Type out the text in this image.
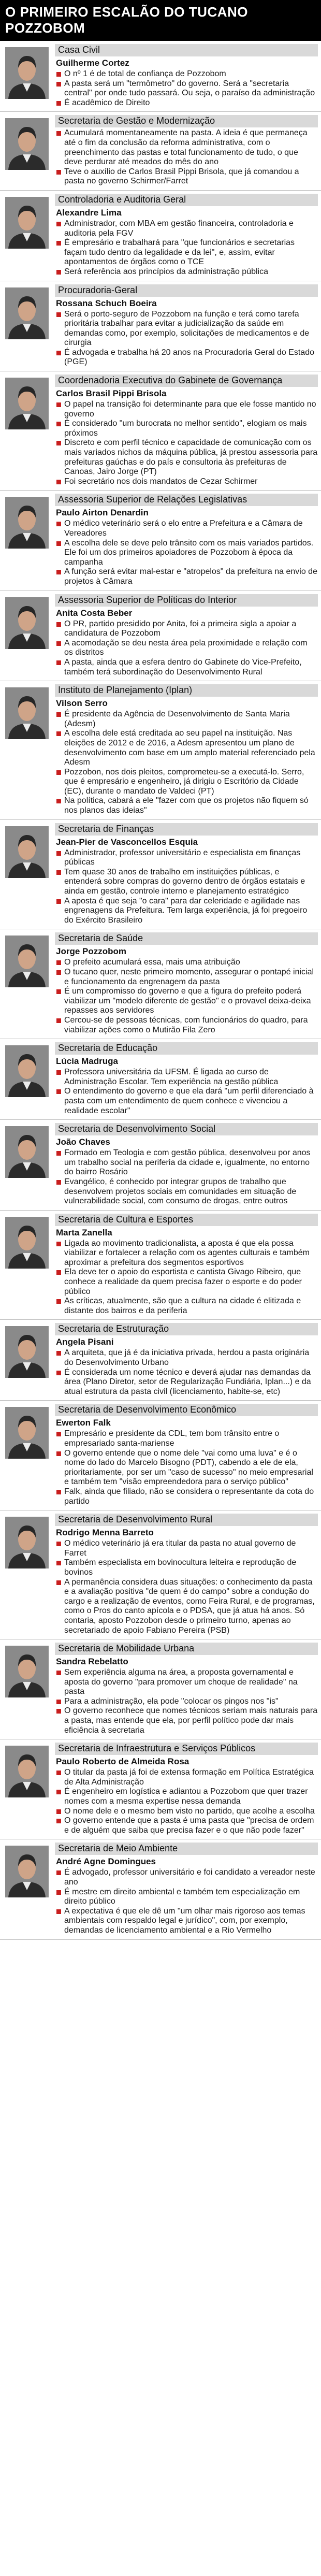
O PRIMEIRO ESCALÃO DO TUCANO POZZOBOM
Casa Civil
Guilherme Cortez
O nº 1 é de total de confiança de Pozzobom
A pasta será um "termômetro" do governo. Será a "secretaria central" por onde tudo passará. Ou seja, o paraíso da administração
É acadêmico de Direito
Secretaria de Gestão e Modernização
Acumulará momentaneamente na pasta. A ideia é que permaneça até o fim da conclusão da reforma administrativa, com o preenchimento das pastas e total funcionamento de tudo, o que deve perdurar até meados do mês do ano
Teve o auxílio de Carlos Brasil Pippi Brisola, que já comandou a pasta no governo Schirmer/Farret
Controladoria e Auditoria Geral
Alexandre Lima
Administrador, com MBA em gestão financeira, controladoria e auditoria pela FGV
É empresário e trabalhará para "que funcionários e secretarias façam tudo dentro da legalidade e da lei", e, assim, evitar apontamentos de órgãos como o TCE
Será referência aos princípios da administração pública
Procuradoria-Geral
Rossana Schuch Boeira
Será o porto-seguro de Pozzobom na função e terá como tarefa prioritária trabalhar para evitar a judicialização da saúde em demandas como, por exemplo, solicitações de medicamentos e de cirurgia
É advogada e trabalha há 20 anos na Procuradoria Geral do Estado (PGE)
Coordenadoria Executiva do Gabinete de Governança
Carlos Brasil Pippi Brisola
O papel na transição foi determinante para que ele fosse mantido no governo
É considerado "um burocrata no melhor sentido", elogiam os mais próximos
Discreto e com perfil técnico e capacidade de comunicação com os mais variados nichos da máquina pública, já prestou assessoria para prefeituras gaúchas e do país e consultoria às prefeituras de Canoas, Jairo Jorge (PT)
Foi secretário nos dois mandatos de Cezar Schirmer
Assessoria Superior de Relações Legislativas
Paulo Airton Denardin
O médico veterinário será o elo entre a Prefeitura e a Câmara de Vereadores
A escolha dele se deve pelo trânsito com os mais variados partidos. Ele foi um dos primeiros apoiadores de Pozzobom à época da campanha
A função será evitar mal-estar e "atropelos" da prefeitura na envio de projetos à Câmara
Assessoria Superior de Políticas do Interior
Anita Costa Beber
O PR, partido presidido por Anita, foi a primeira sigla a apoiar a candidatura de Pozzobom
A acomodação se deu nesta área pela proximidade e relação com os distritos
A pasta, ainda que a esfera dentro do Gabinete do Vice-Prefeito, também terá subordinação do Desenvolvimento Rural
Instituto de Planejamento (Iplan)
Vilson Serro
É presidente da Agência de Desenvolvimento de Santa Maria (Adesm)
A escolha dele está creditada ao seu papel na instituição. Nas eleições de 2012 e de 2016, a Adesm apresentou um plano de desenvolvimento com base em um amplo material referenciado pela Adesm
Pozzobon, nos dois pleitos, comprometeu-se a executá-lo. Serro, que é empresário e engenheiro, já dirigiu o Escritório da Cidade (EC), durante o mandato de Valdeci (PT)
Na política, cabará a ele "fazer com que os projetos não fiquem só nos planos das ideias"
Secretaria de Finanças
Jean-Pier de Vasconcellos Esquia
Administrador, professor universitário e especialista em finanças públicas
Tem quase 30 anos de trabalho em instituições públicas, e entenderá sobre compras do governo dentro de órgãos estatais e ainda em gestão, controle interno e planejamento estratégico
A aposta é que seja "o cara" para dar celeridade e agilidade nas engrenagens da Prefeitura. Tem larga experiência, já foi pregoeiro do Exército Brasileiro
Secretaria de Saúde
Jorge Pozzobom
O prefeito acumulará essa, mais uma atribuição
O tucano quer, neste primeiro momento, assegurar o pontapé inicial e funcionamento da engrenagem da pasta
É um compromisso do governo e que a figura do prefeito poderá viabilizar um "modelo diferente de gestão" e o provavel deixa-deixa repasses aos servidores
Cercou-se de pessoas técnicas, com funcionários do quadro, para viabilizar ações como o Mutirão Fila Zero
Secretaria de Educação
Lúcia Madruga
Professora universitária da UFSM. É ligada ao curso de Administração Escolar. Tem experiência na gestão pública
O entendimento do governo e que ela dará "um perfil diferenciado à pasta com um entendimento de quem conhece e vivenciou a realidade escolar"
Secretaria de Desenvolvimento Social
João Chaves
Formado em Teologia e com gestão pública, desenvolveu por anos um trabalho social na periferia da cidade e, igualmente, no entorno do bairro Rosário
Evangélico, é conhecido por integrar grupos de trabalho que desenvolvem projetos sociais em comunidades em situação de vulnerabilidade social, com consumo de drogas, entre outros
Secretaria de Cultura e Esportes
Marta Zanella
Ligada ao movimento tradicionalista, a aposta é que ela possa viabilizar e fortalecer a relação com os agentes culturais e também aproximar a prefeitura dos segmentos esportivos
Ela deve ter o apoio do esportista e cantista Givago Ribeiro, que conhece a realidade da quem precisa fazer o esporte e do poder público
As críticas, atualmente, são que a cultura na cidade é elitizada e distante dos bairros e da periferia
Secretaria de Estruturação
Angela Pisani
A arquiteta, que já é da iniciativa privada, herdou a pasta originária do Desenvolvimento Urbano
É considerada um nome técnico e deverá ajudar nas demandas da área (Plano Diretor, setor de Regularização Fundiária, Iplan...) e da atual estrutura da pasta civil (licenciamento, habite-se, etc)
Secretaria de Desenvolvimento Econômico
Ewerton Falk
Empresário e presidente da CDL, tem bom trânsito entre o empresariado santa-mariense
O governo entende que o nome dele "vai como uma luva" e é o nome do lado do Marcelo Bisogno (PDT), cabendo a ele de ela, prioritariamente, por ser um "caso de sucesso" no meio empresarial e também tem "visão empreendedora para o serviço público"
Falk, ainda que filiado, não se considera o representante da cota do partido
Secretaria de Desenvolvimento Rural
Rodrigo Menna Barreto
O médico veterinário já era titular da pasta no atual governo de Farret
Também especialista em bovinocultura leiteira e reprodução de bovinos
A permanência considera duas situações: o conhecimento da pasta e a avaliação positiva "de quem é do campo" sobre a condução do cargo e a realização de eventos, como Feira Rural, e de programas, como o Pros do canto apícola e o PDSA, que já atua há anos. Só contaria, aposto Pozzobon desde o primeiro turno, apenas ao secretariado de apoio Fabiano Pereira (PSB)
Secretaria de Mobilidade Urbana
Sandra Rebelatto
Sem experiência alguma na área, a proposta governamental e aposta do governo "para promover um choque de realidade" na pasta
Para a administração, ela pode "colocar os pingos nos "is"
O governo reconhece que nomes técnicos seriam mais naturais para a pasta, mas entende que ela, por perfil político pode dar mais eficiência à secretaria
Secretaria de Infraestrutura e Serviços Públicos
Paulo Roberto de Almeida Rosa
O titular da pasta já foi de extensa formação em Política Estratégica de Alta Administração
É engenheiro em logística e adiantou a Pozzobom que quer trazer nomes com a mesma expertise nessa demanda
O nome dele e o mesmo bem visto no partido, que acolhe a escolha
O governo entende que a pasta é uma pasta que "precisa de ordem e de alguém que saiba que precisa fazer e o que não pode fazer"
Secretaria de Meio Ambiente
André Agne Domingues
É advogado, professor universitário e foi candidato a vereador neste ano
É mestre em direito ambiental e também tem especialização em direito público
A expectativa é que ele dê um "um olhar mais rigoroso aos temas ambientais com respaldo legal e jurídico", com, por exemplo, demandas de licenciamento ambiental e a Rio Vermelho
